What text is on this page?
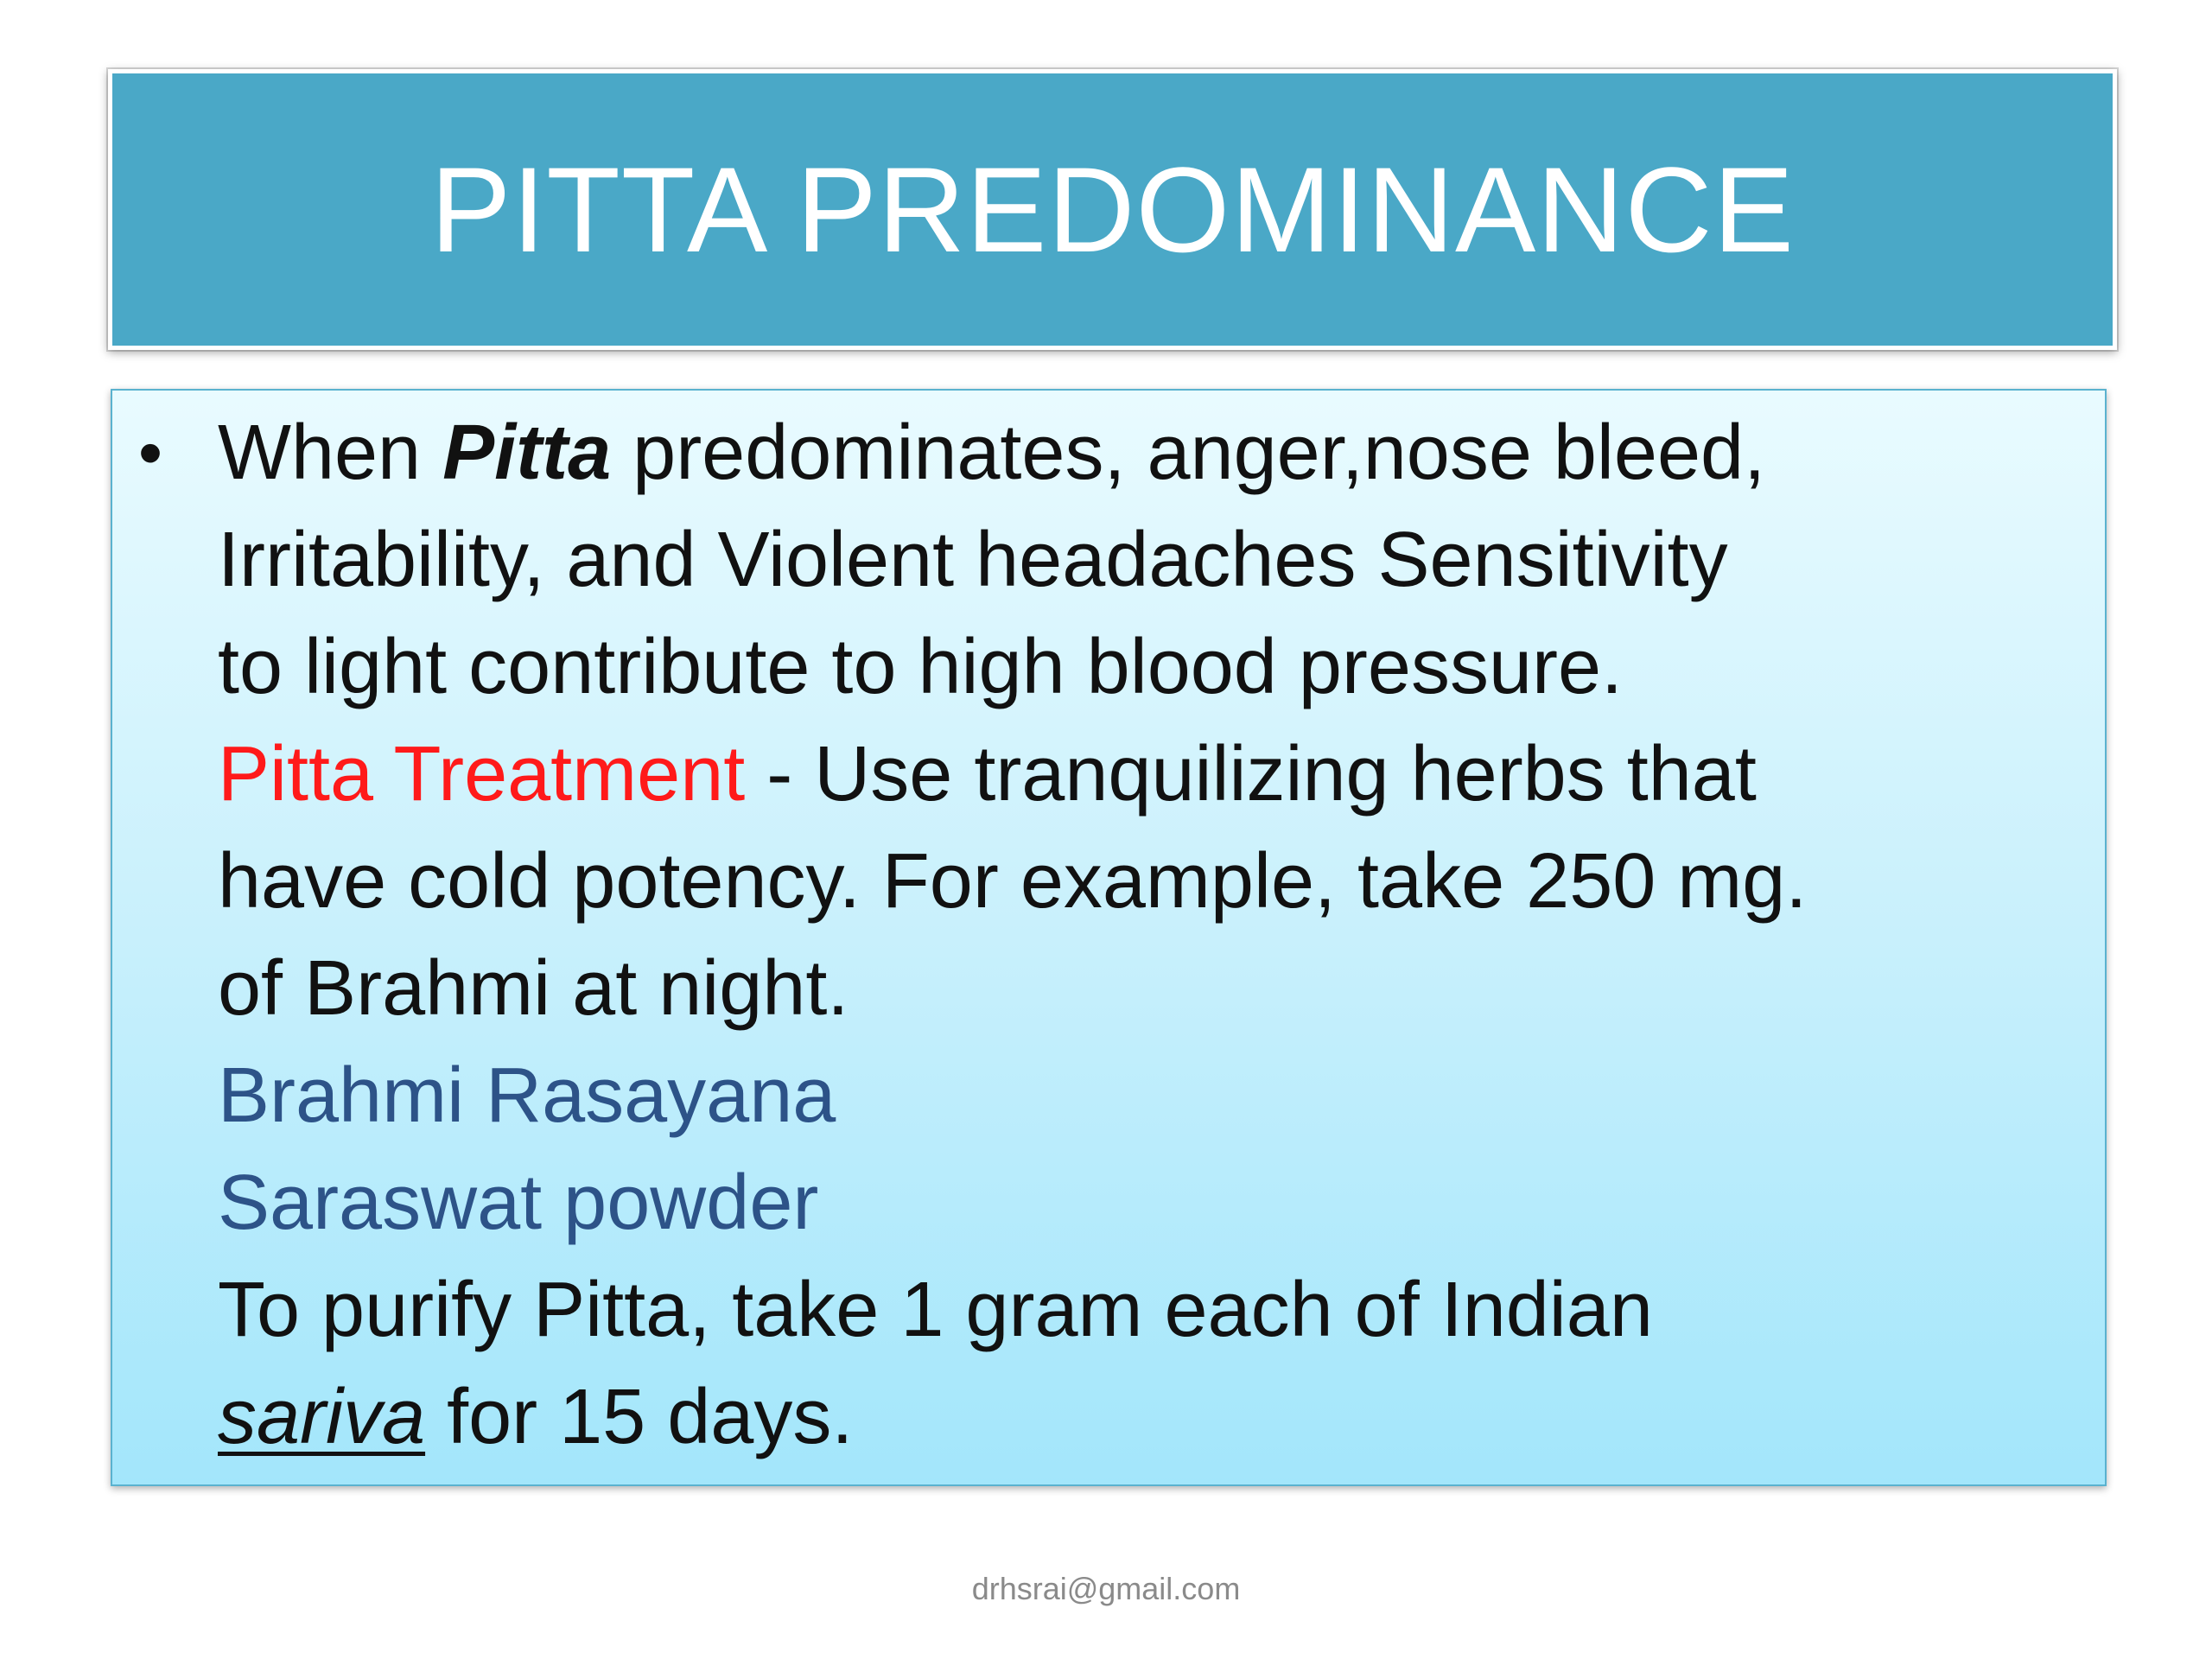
PITTA PREDOMINANCE
• When Pitta predominates, anger,nose bleed,
Irritability, and Violent headaches Sensitivity
to light contribute to high blood pressure.
Pitta Treatment - Use tranquilizing herbs that
have cold potency. For example, take 250 mg.
of Brahmi at night.
Brahmi Rasayana
Saraswat powder
To purify Pitta, take 1 gram each of Indian
sariva for 15 days.
drhsrai@gmail.com
